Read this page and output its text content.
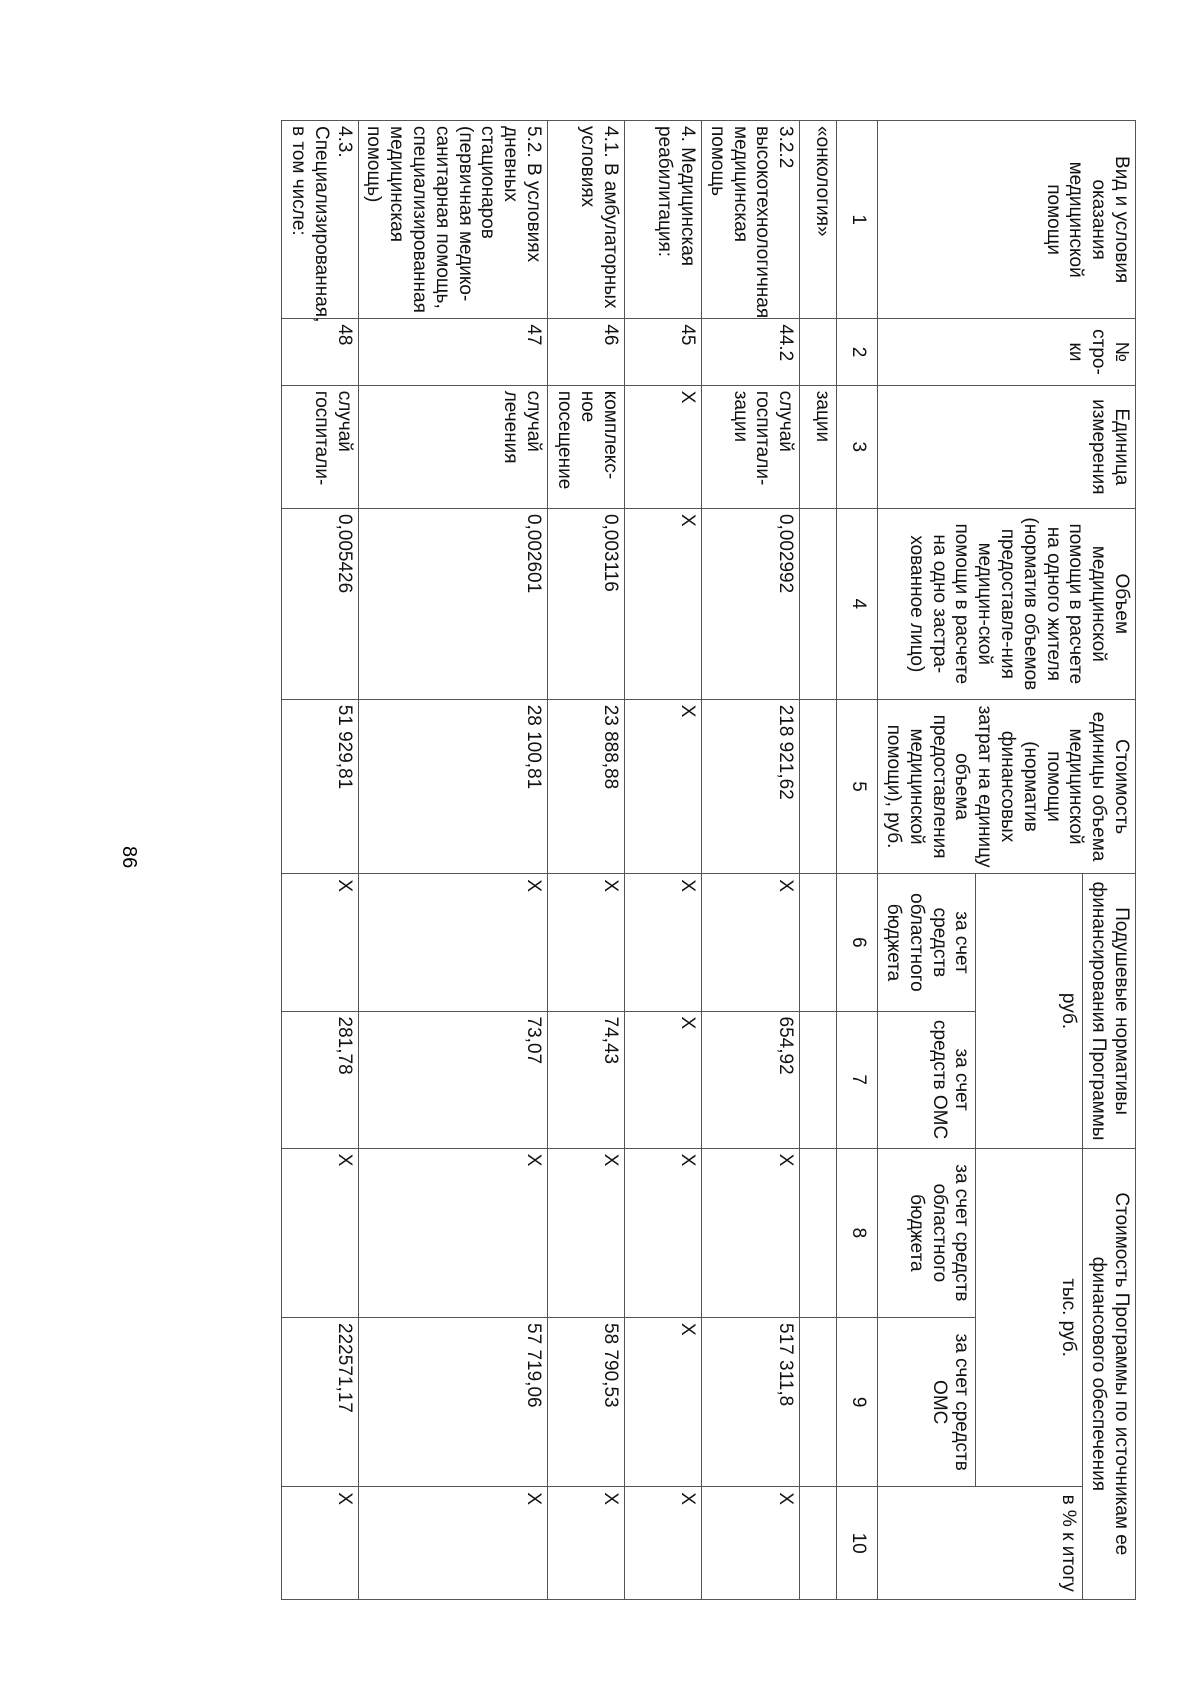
86
Вид и условия оказания медицинской помощи	№ стро-ки	Единица измерения	Объем медицинской помощи в расчете на одного жителя (норматив объемов предоставле-ния медицин-ской помощи в расчете на одно застра-хованное лицо)	Стоимость единицы объема медицинской помощи (норматив финансовых затрат на единицу объема предоставления медицинской помощи), руб.	Подушевые нормативы финансирования Программы		Стоимость Программы по источникам ее финансового обеспечения		
					руб.		тыс. руб.		в % к итогу
					за счет средств областного бюджета	за счет средств ОМС	за счет средств областного бюджета	за счет средств ОМС	
1	2	3	4	5	6	7	8	9	10
«онкология»		зации							
3.2.2 высокотехнологичная медицинская помощь	44.2	случай госпитали-зации	0,002992	218 921,62	X	654,92	X	517 311,8	X
4. Медицинская реабилитация:	45	X	X	X	X	X	X	X	X
4.1. В амбулаторных условиях	46	комплекс-ное посещение	0,003116	23 888,88	X	74,43	X	58 790,53	X
5.2. В условиях дневных стационаров (первичная медико-санитарная помощь, специализированная медицинская помощь)	47	случай лечения	0,002601	28 100,81	X	73,07	X	57 719,06	X
4.3. Специализированная, в том числе:	48	случай госпитали-	0,005426	51 929,81	X	281,78	X	222571,17	X
